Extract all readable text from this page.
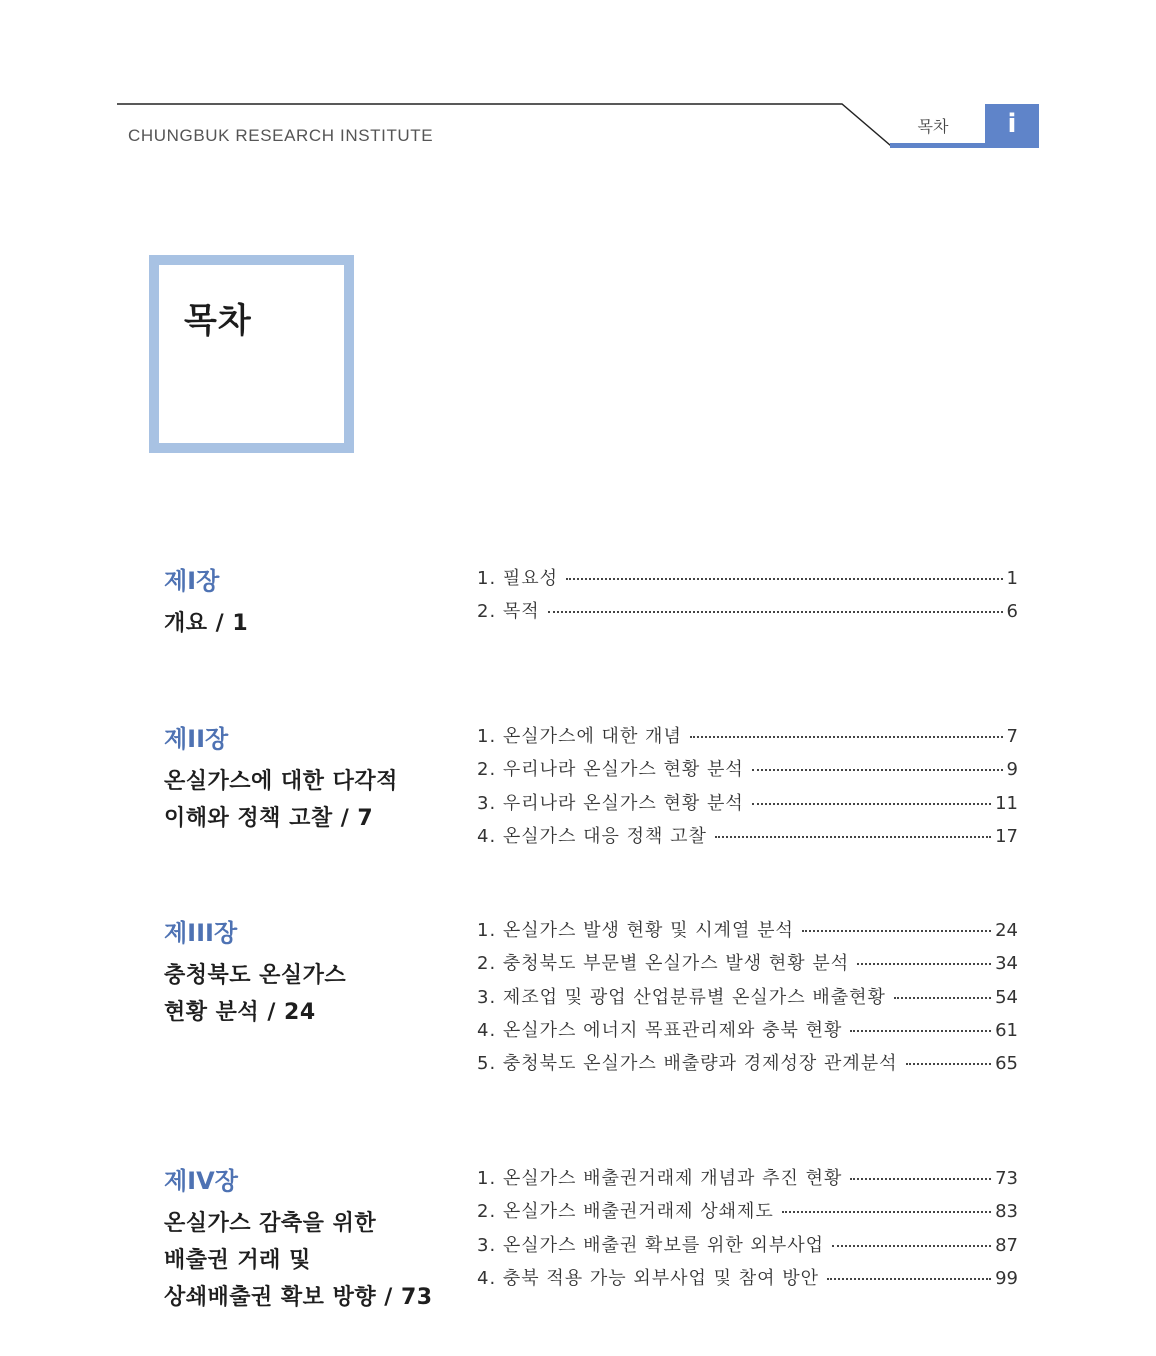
CHUNGBUK RESEARCH INSTITUTE	목차	i
목차
제I장
개요 / 1
1. 필요성	1
2. 목적	6
제II장
온실가스에 대한 다각적
이해와 정책 고찰 / 7
1. 온실가스에 대한 개념	7
2. 우리나라 온실가스 현황 분석	9
3. 우리나라 온실가스 현황 분석	11
4. 온실가스 대응 정책 고찰	17
제III장
충청북도 온실가스
현황 분석 / 24
1. 온실가스 발생 현황 및 시계열 분석	24
2. 충청북도 부문별 온실가스 발생 현황 분석	34
3. 제조업 및 광업 산업분류별 온실가스 배출현황	54
4. 온실가스 에너지 목표관리제와 충북 현황	61
5. 충청북도 온실가스 배출량과 경제성장 관계분석	65
제IV장
온실가스 감축을 위한
배출권 거래 및
상쇄배출권 확보 방향 / 73
1. 온실가스 배출권거래제 개념과 추진 현황	73
2. 온실가스 배출권거래제 상쇄제도	83
3. 온실가스 배출권 확보를 위한 외부사업	87
4. 충북 적용 가능 외부사업 및 참여 방안	99
